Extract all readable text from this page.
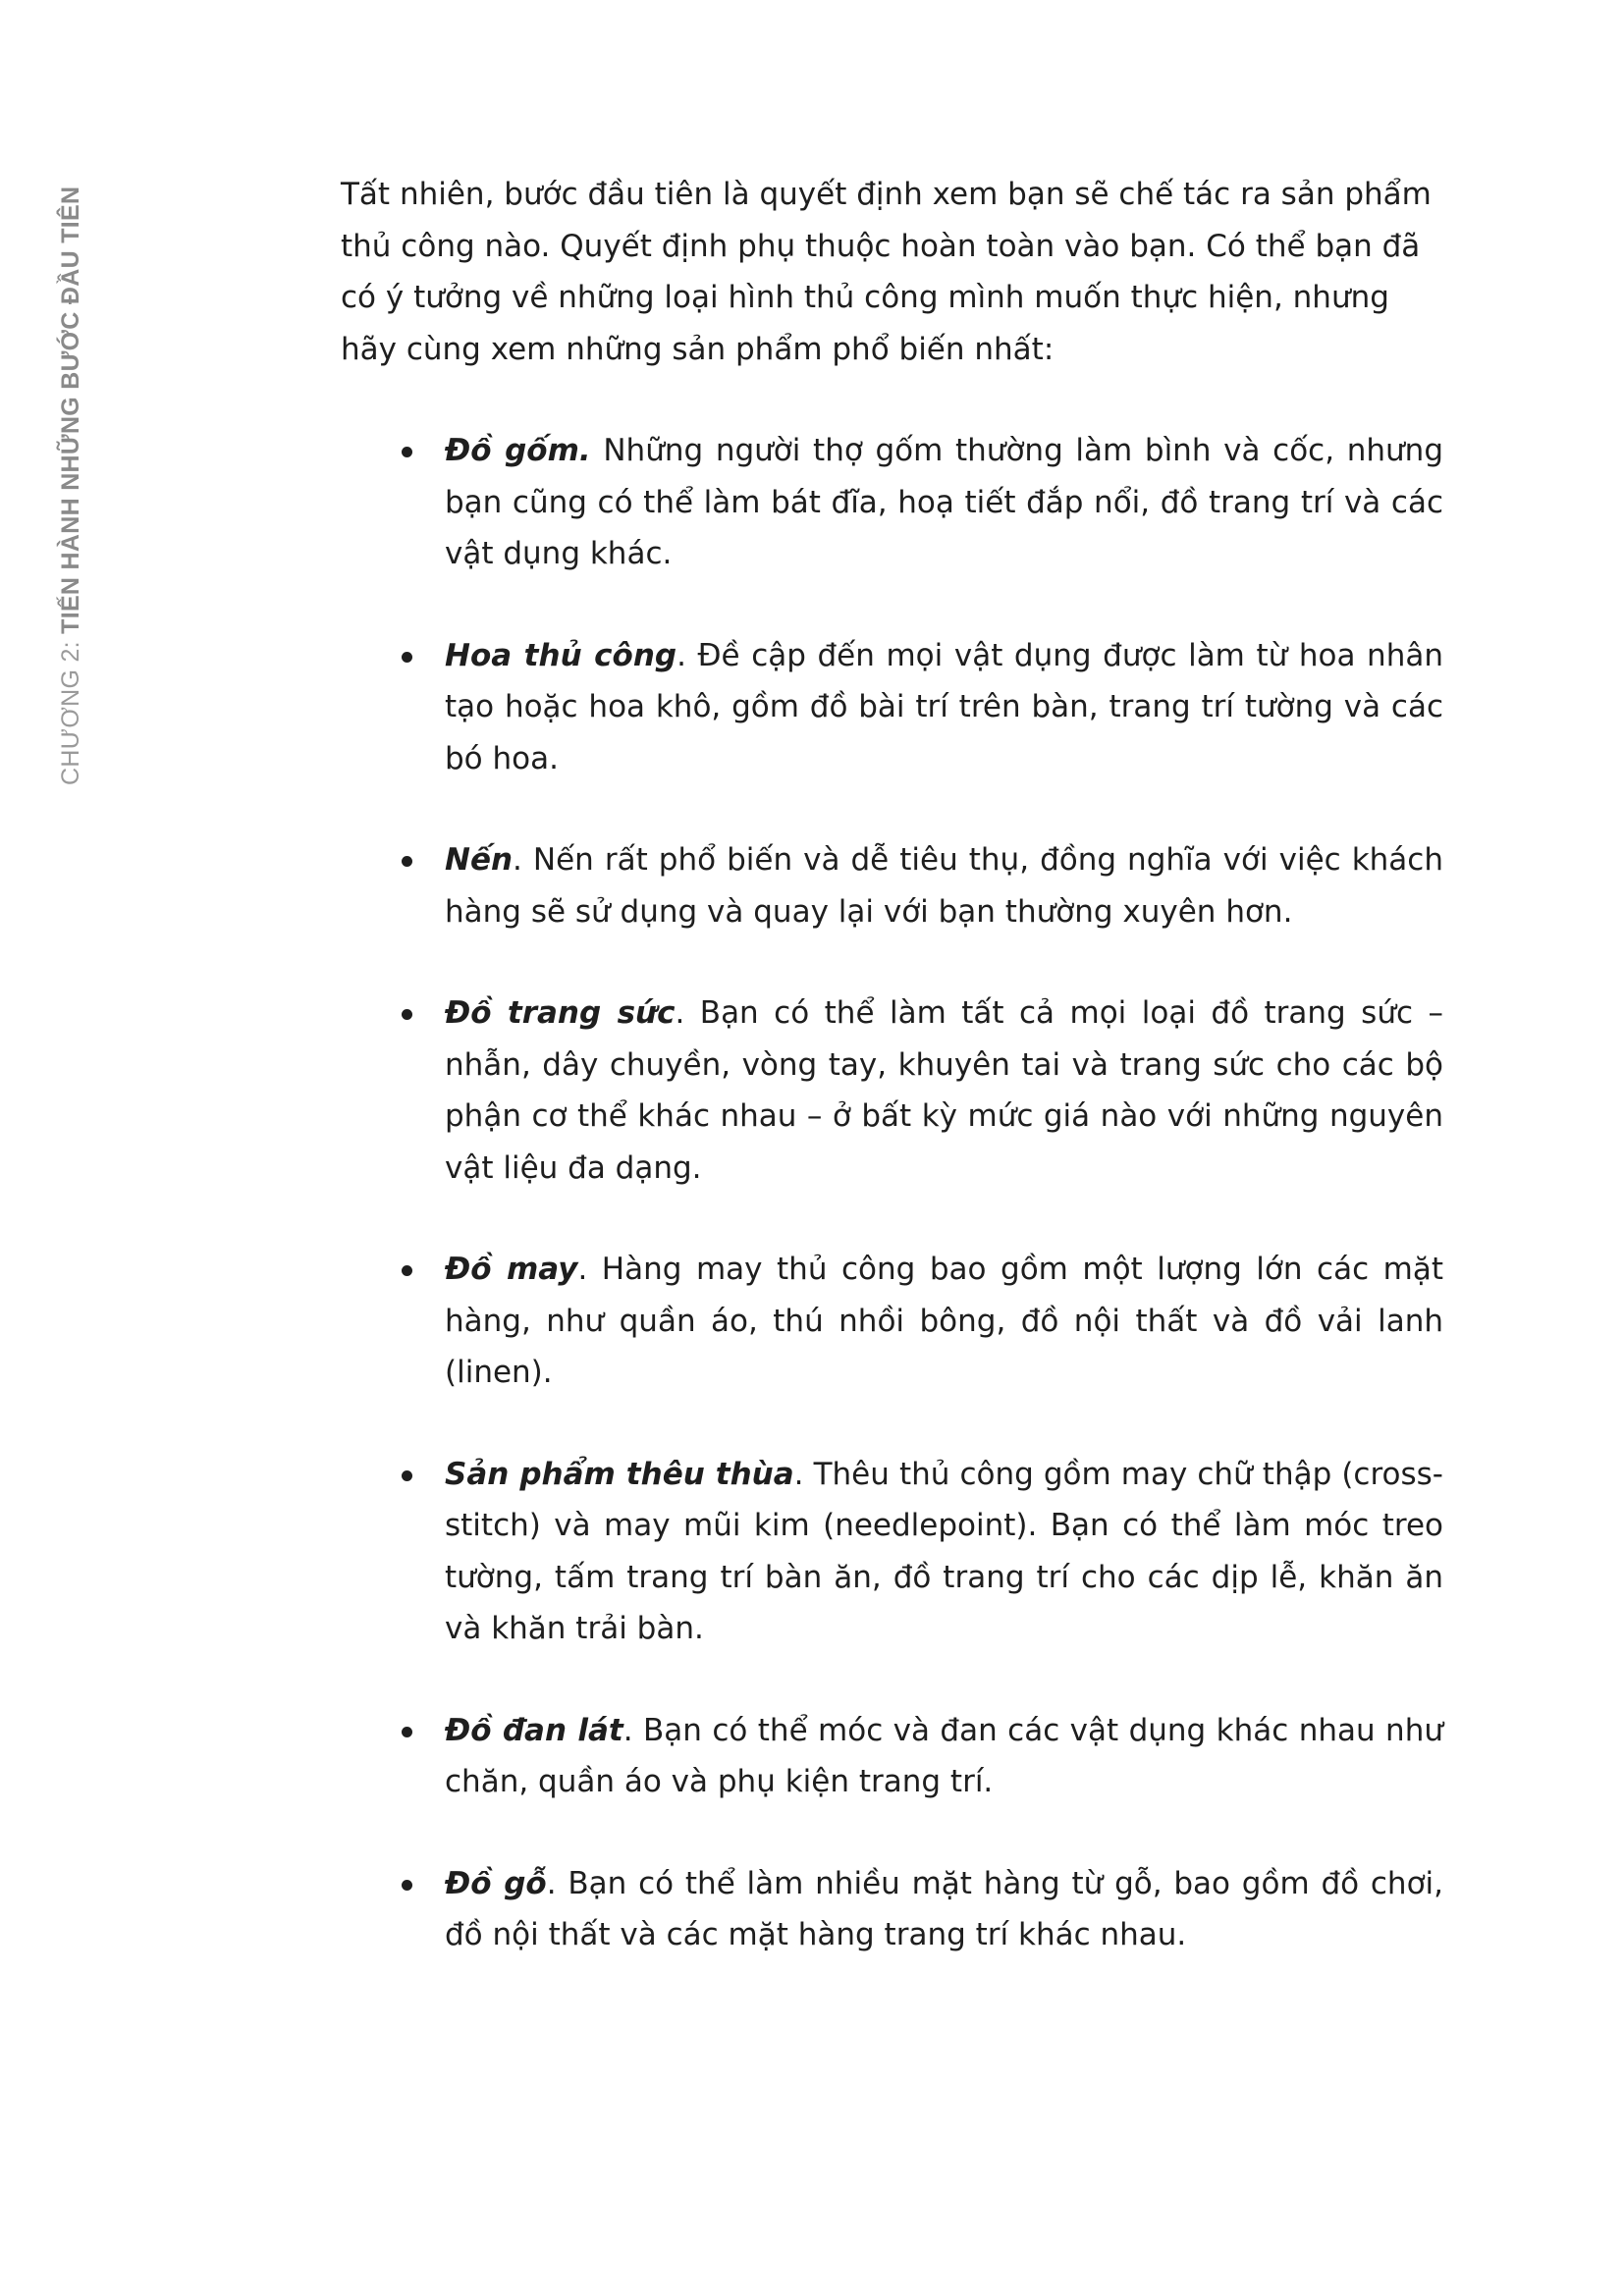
CHƯƠNG 2: TIẾN HÀNH NHỮNG BƯỚC ĐẦU TIÊN	Tất nhiên, bước đầu tiên là quyết định xem bạn sẽ chế tác ra sản phẩm thủ công nào. Quyết định phụ thuộc hoàn toàn vào bạn. Có thể bạn đã có ý tưởng về những loại hình thủ công mình muốn thực hiện, nhưng hãy cùng xem những sản phẩm phổ biến nhất:

Đồ gốm. Những người thợ gốm thường làm bình và cốc, nhưng bạn cũng có thể làm bát đĩa, hoạ tiết đắp nổi, đồ trang trí và các vật dụng khác.
Hoa thủ công. Đề cập đến mọi vật dụng được làm từ hoa nhân tạo hoặc hoa khô, gồm đồ bài trí trên bàn, trang trí tường và các bó hoa.
Nến. Nến rất phổ biến và dễ tiêu thụ, đồng nghĩa với việc khách hàng sẽ sử dụng và quay lại với bạn thường xuyên hơn.
Đồ trang sức. Bạn có thể làm tất cả mọi loại đồ trang sức – nhẫn, dây chuyền, vòng tay, khuyên tai và trang sức cho các bộ phận cơ thể khác nhau – ở bất kỳ mức giá nào với những nguyên vật liệu đa dạng.
Đồ may. Hàng may thủ công bao gồm một lượng lớn các mặt hàng, như quần áo, thú nhồi bông, đồ nội thất và đồ vải lanh (linen).
Sản phẩm thêu thùa. Thêu thủ công gồm may chữ thập (cross-stitch) và may mũi kim (needlepoint). Bạn có thể làm móc treo tường, tấm trang trí bàn ăn, đồ trang trí cho các dịp lễ, khăn ăn và khăn trải bàn.
Đồ đan lát. Bạn có thể móc và đan các vật dụng khác nhau như chăn, quần áo và phụ kiện trang trí.
Đồ gỗ. Bạn có thể làm nhiều mặt hàng từ gỗ, bao gồm đồ chơi, đồ nội thất và các mặt hàng trang trí khác nhau.
